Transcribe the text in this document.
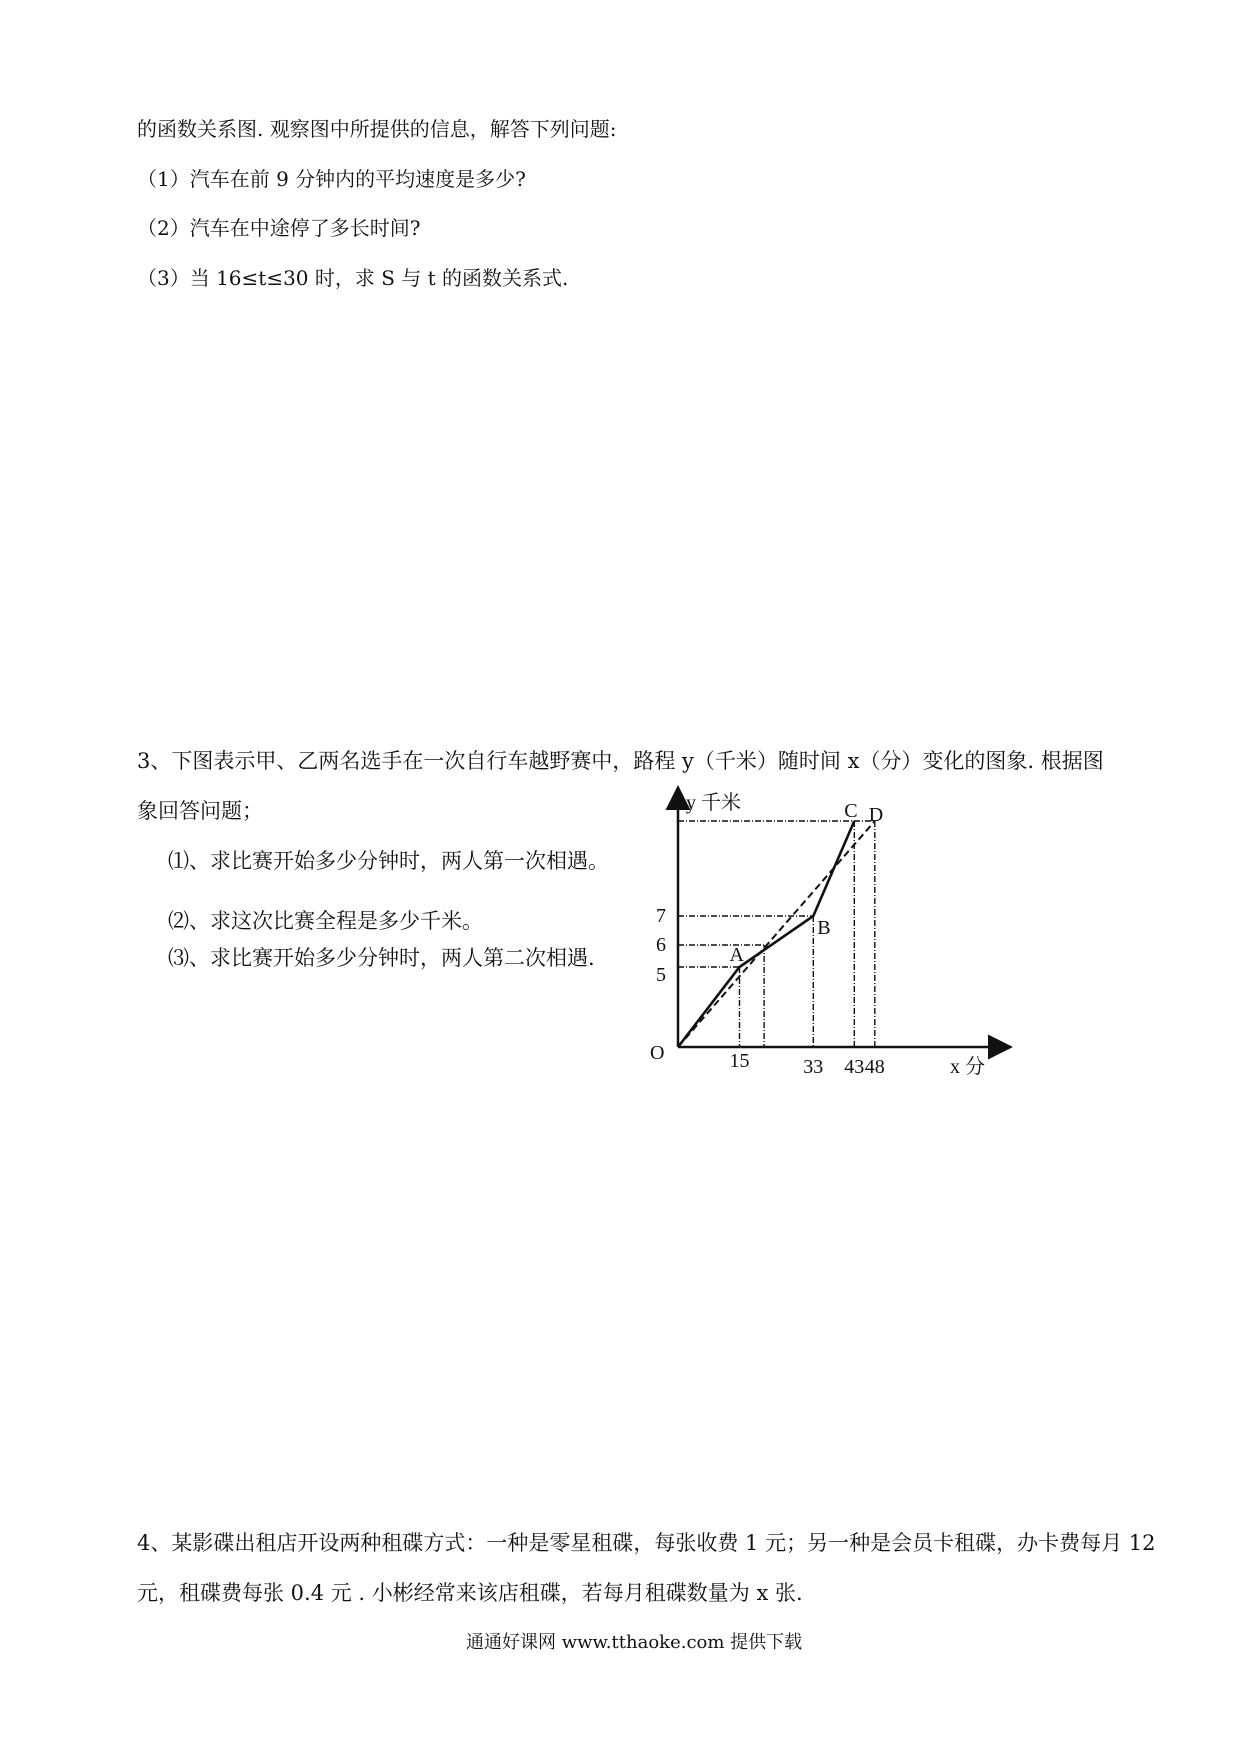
的函数关系图. 观察图中所提供的信息，解答下列问题:
（1）汽车在前 9 分钟内的平均速度是多少?
（2）汽车在中途停了多长时间?
（3）当 16≤t≤30 时，求 S 与 t 的函数关系式.
3、下图表示甲、乙两名选手在一次自行车越野赛中，路程 y（千米）随时间 x（分）变化的图象. 根据图
象回答问题；
⑴、求比赛开始多少分钟时，两人第一次相遇。
⑵、求这次比赛全程是多少千米。
⑶、求比赛开始多少分钟时，两人第二次相遇.	A
B
C D
15	33 43 48
5
6
7
O
x 分
y 千米
4、某影碟出租店开设两种租碟方式：一种是零星租碟，每张收费 1 元；另一种是会员卡租碟，办卡费每月 12
元，租碟费每张 0.4 元 . 小彬经常来该店租碟，若每月租碟数量为 x 张.
通通好课网 www.tthaoke.com 提供下载
